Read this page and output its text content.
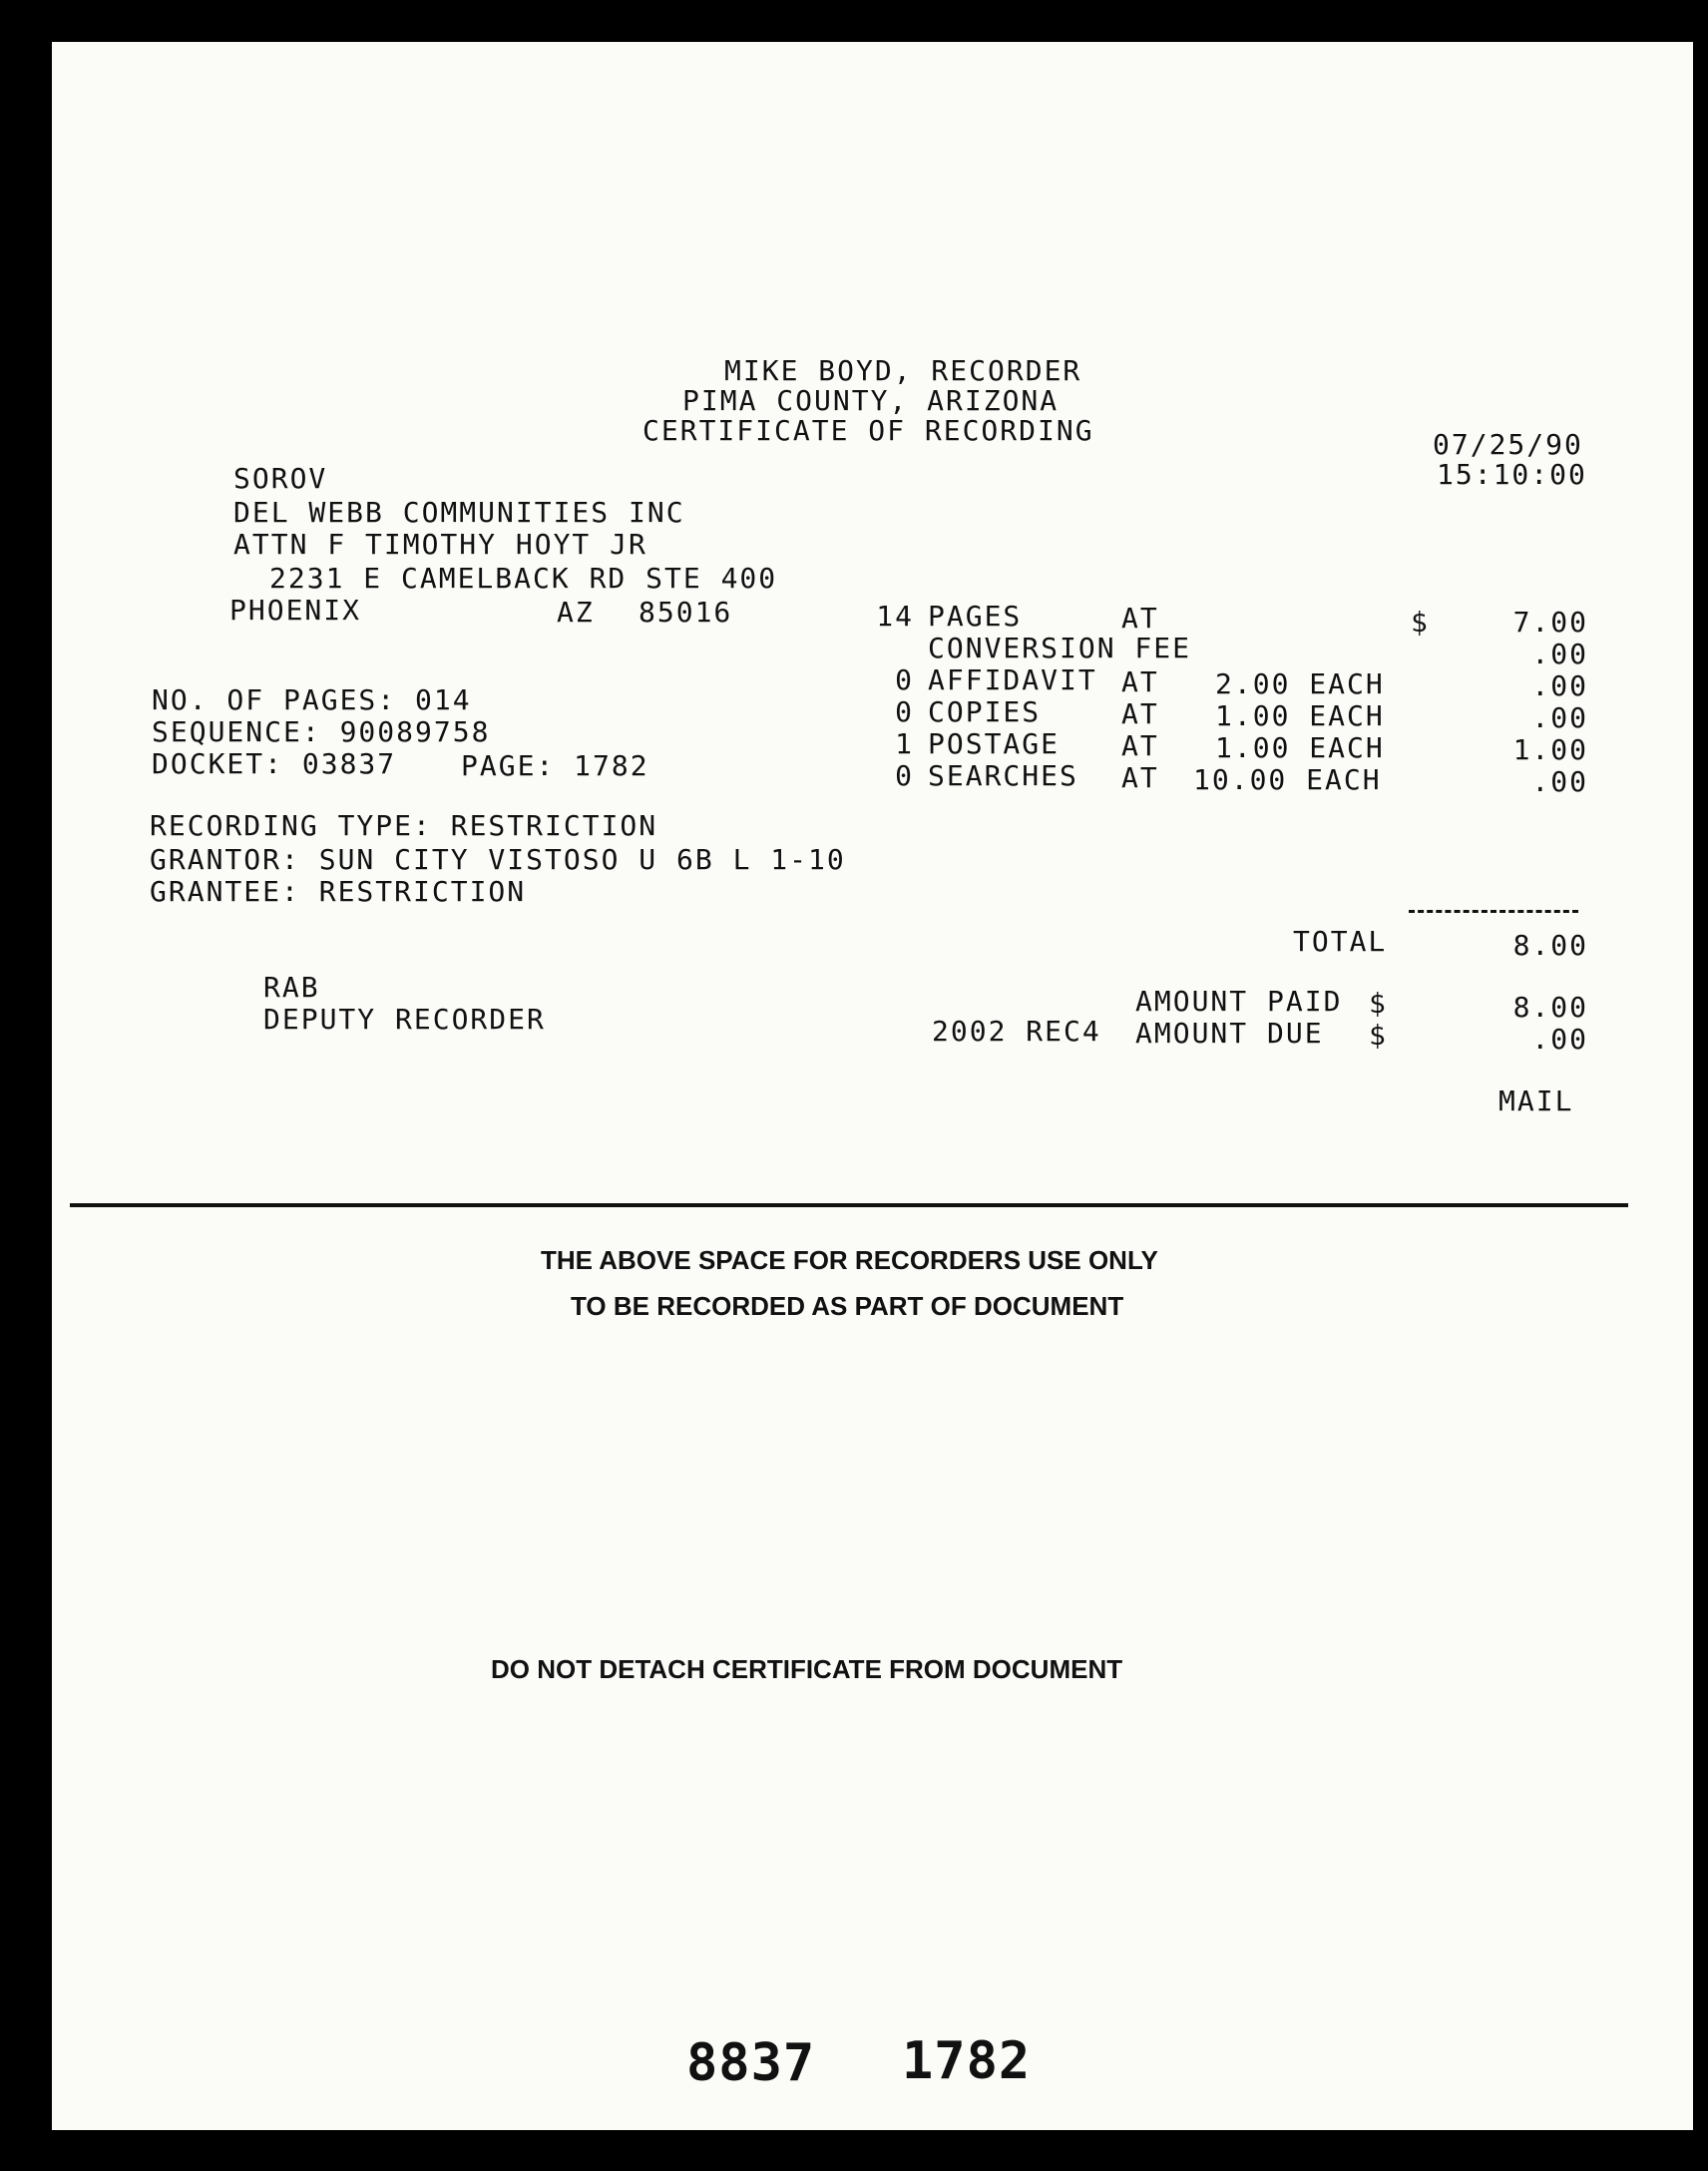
MIKE BOYD, RECORDER
PIMA COUNTY, ARIZONA
CERTIFICATE OF RECORDING	07/25/90
15:10:00
SOROV
DEL WEBB COMMUNITIES INC
ATTN F TIMOTHY HOYT JR
2231 E CAMELBACK RD STE 400
PHOENIX	AZ 85016
NO. OF PAGES: 014
SEQUENCE: 90089758
DOCKET: 03837 PAGE: 1782
RECORDING TYPE: RESTRICTION
GRANTOR: SUN CITY VISTOSO U 6B L 1-10
GRANTEE: RESTRICTION
14 PAGES	AT	$	7.00
CONVERSION FEE	.00
0 AFFIDAVIT AT 2.00 EACH	.00
0 COPIES	AT 1.00 EACH	.00
1 POSTAGE AT 1.00 EACH	1.00
0 SEARCHES AT 10.00 EACH	.00
TOTAL	8.00
AMOUNT PAID $	8.00
2002 REC4 AMOUNT DUE $	.00
MAIL
RAB
DEPUTY RECORDER
THE ABOVE SPACE FOR RECORDERS USE ONLY
TO BE RECORDED AS PART OF DOCUMENT
DO NOT DETACH CERTIFICATE FROM DOCUMENT
8837 1782
